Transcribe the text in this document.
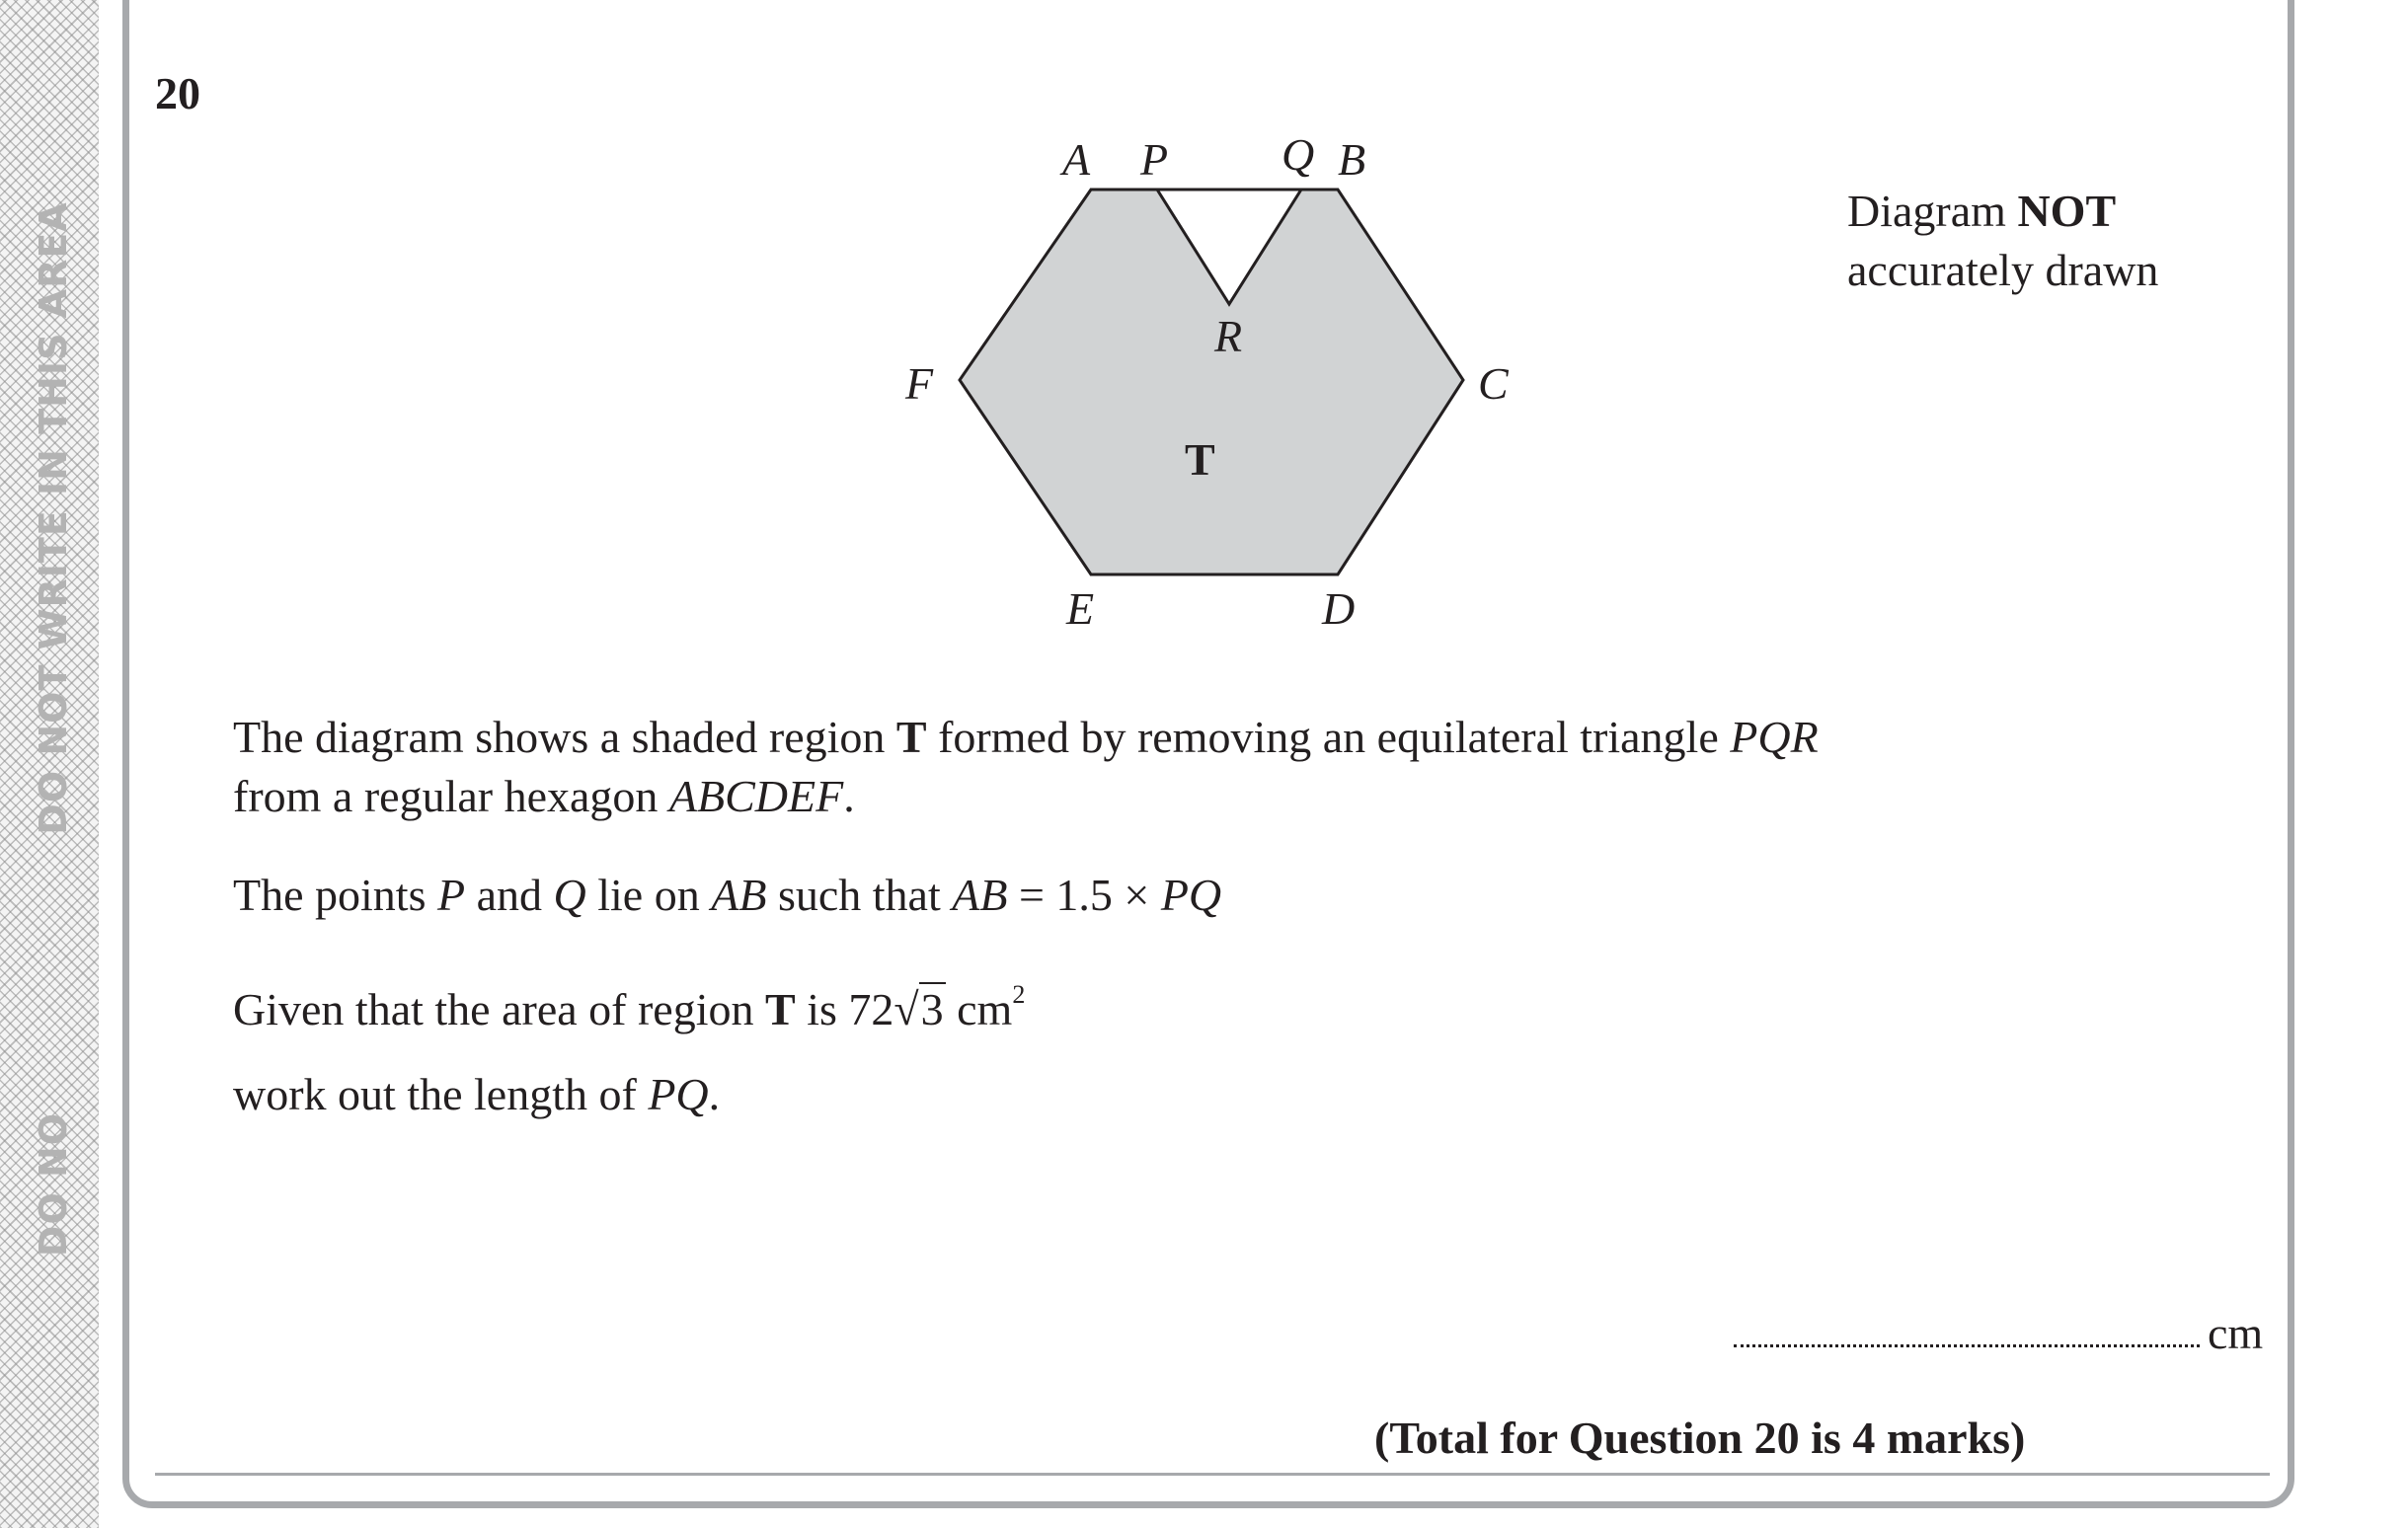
DO NOT WRITE IN THIS AREA
DO NO
20
A P Q B
C
D
E
F
R
T
Diagram NOT
accurately drawn
The diagram shows a shaded region T formed by removing an equilateral triangle PQR
from a regular hexagon ABCDEF.
The points P and Q lie on AB such that AB = 1.5 × PQ
Given that the area of region T is 72√3 $cm^2$
work out the length of PQ.
cm
(Total for Question 20 is 4 marks)
